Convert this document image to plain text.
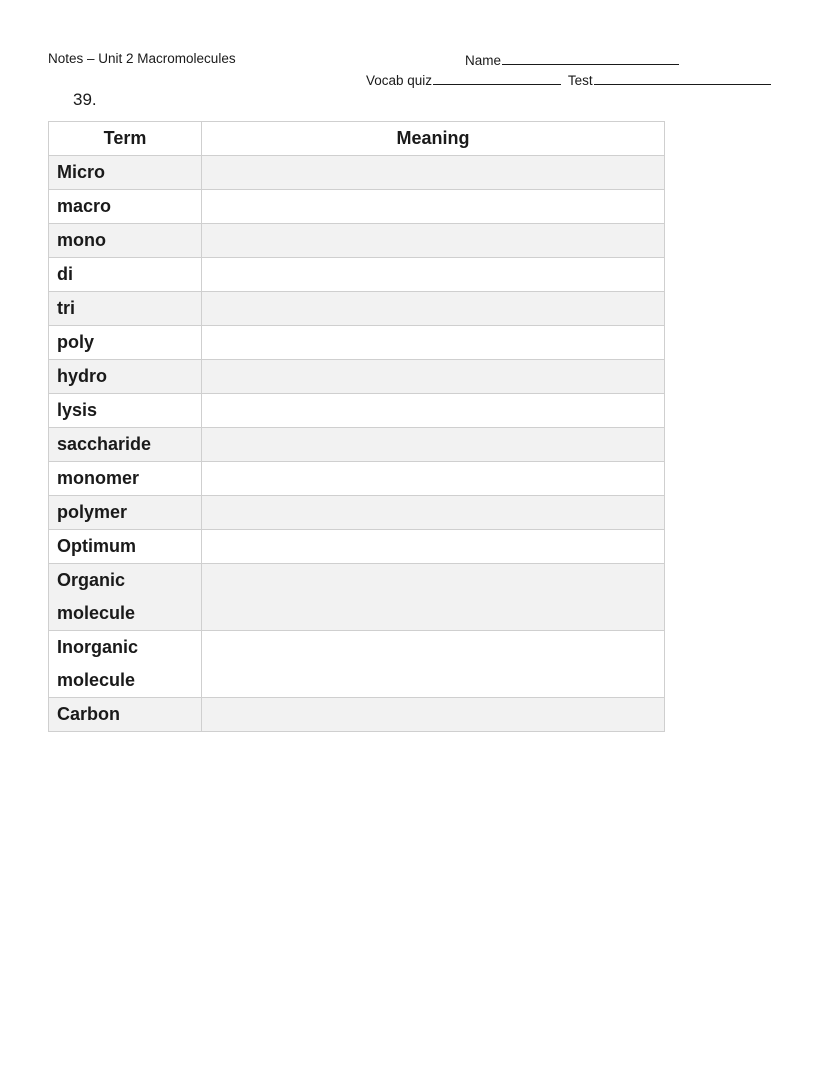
Notes – Unit 2 Macromolecules	Name
Vocab quiz	Test
39.
Term	Meaning
Micro	
macro	
mono	
di	
tri	
poly	
hydro	
lysis	
saccharide	
monomer	
polymer	
Optimum	
Organic molecule	
Inorganic molecule	
Carbon	
